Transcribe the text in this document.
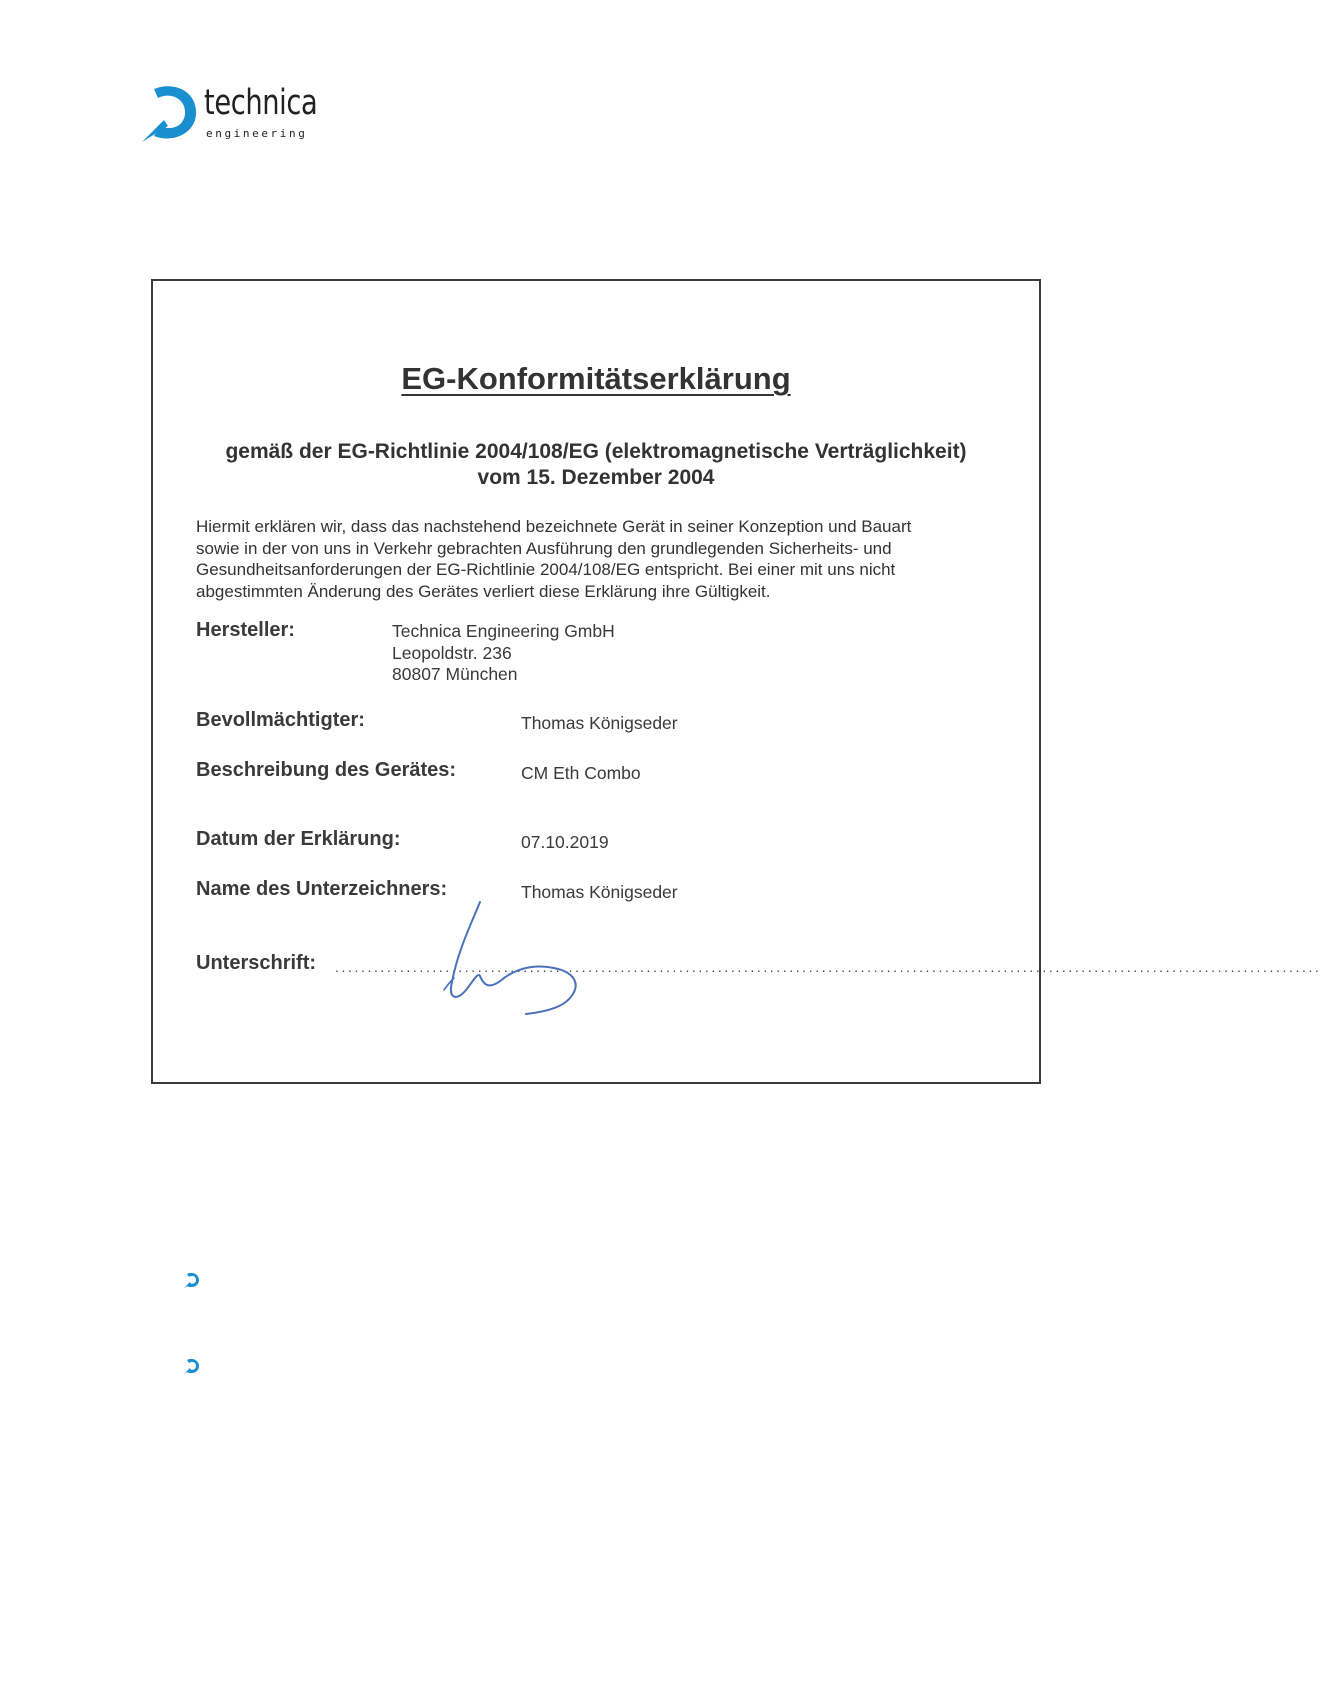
technica
engineering
EG-Konformitätserklärung
gemäß der EG-Richtlinie 2004/108/EG (elektromagnetische Verträglichkeit)
vom 15. Dezember 2004
Hiermit erklären wir, dass das nachstehend bezeichnete Gerät in seiner Konzeption und Bauart
sowie in der von uns in Verkehr gebrachten Ausführung den grundlegenden Sicherheits- und
Gesundheitsanforderungen der EG-Richtlinie 2004/108/EG entspricht. Bei einer mit uns nicht
abgestimmten Änderung des Gerätes verliert diese Erklärung ihre Gültigkeit.
Hersteller:	Technica Engineering GmbH
Leopoldstr. 236
80807 München
Bevollmächtigter:	Thomas Königseder
Beschreibung des Gerätes:	CM Eth Combo
Datum der Erklärung:	07.10.2019
Name des Unterzeichners:	Thomas Königseder
Unterschrift: ........................................................................................................................................................
